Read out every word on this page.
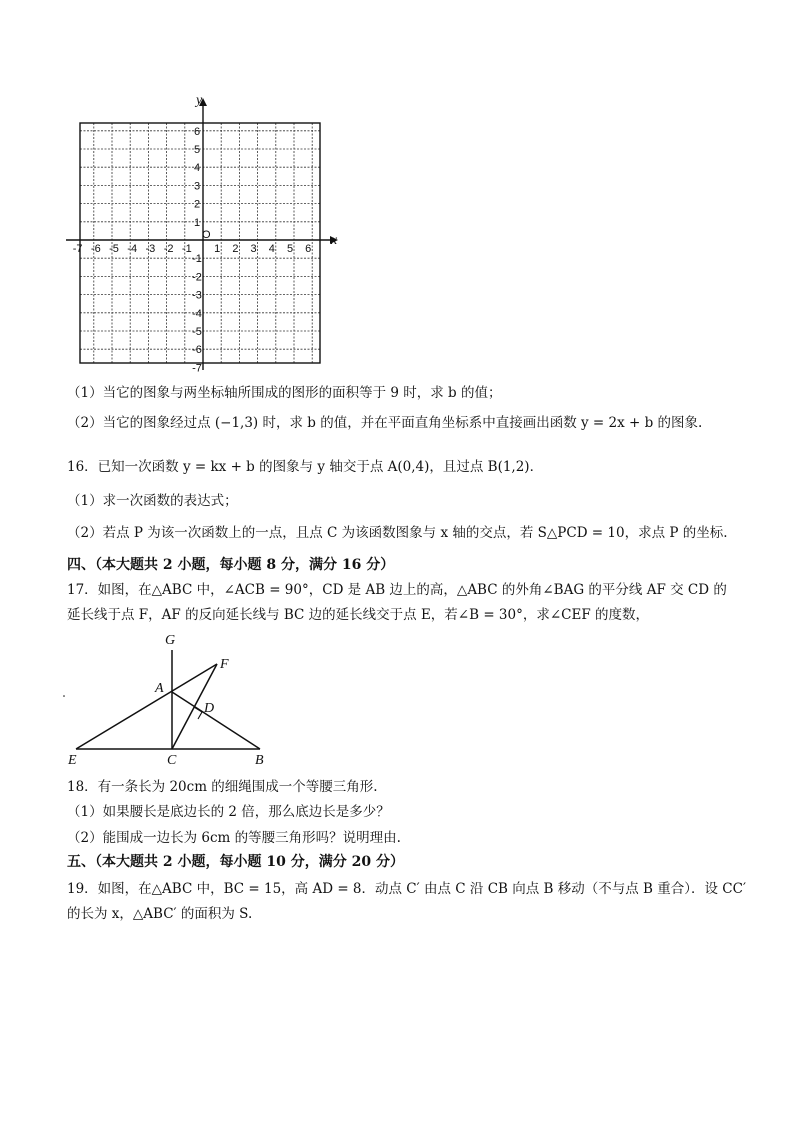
y
x
O
-7 -6 -5 -4 -3 -2 -1 1 2 3 4 5 6
6
5
4
3
2
1
-1
-2
-3
-4
-5
-6
-7
（1）当它的图象与两坐标轴所围成的图形的面积等于 9 时，求 b 的值；
（2）当它的图象经过点 (−1,3) 时，求 b 的值，并在平面直角坐标系中直接画出函数 y = 2x + b 的图象.
16．已知一次函数 y = kx + b 的图象与 y 轴交于点 A(0,4)，且过点 B(1,2)．
（1）求一次函数的表达式；
（2）若点 P 为该一次函数上的一点，且点 C 为该函数图象与 x 轴的交点，若 S△PCD = 10，求点 P 的坐标.
四、（本大题共 2 小题，每小题 8 分，满分 16 分）
17．如图，在△ABC 中，∠ACB = 90°，CD 是 AB 边上的高，△ABC 的外角∠BAG 的平分线 AF 交 CD 的
延长线于点 F，AF 的反向延长线与 BC 边的延长线交于点 E，若∠B = 30°，求∠CEF 的度数，
G
F
A
D
E	C	B
18．有一条长为 20cm 的细绳围成一个等腰三角形.
（1）如果腰长是底边长的 2 倍，那么底边长是多少？
（2）能围成一边长为 6cm 的等腰三角形吗？说明理由.
五、（本大题共 2 小题，每小题 10 分，满分 20 分）
19．如图，在△ABC 中，BC = 15，高 AD = 8．动点 C′ 由点 C 沿 CB 向点 B 移动（不与点 B 重合）．设 CC′
的长为 x，△ABC′ 的面积为 S.
